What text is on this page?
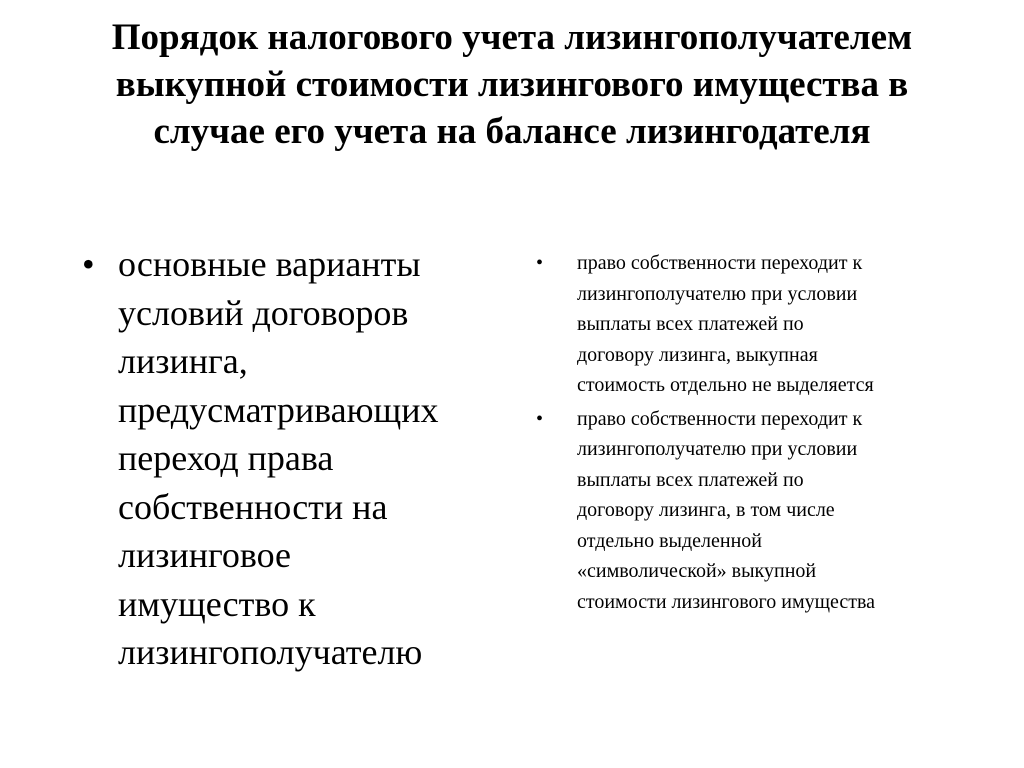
Порядок налогового учета лизингополучателем
выкупной стоимости лизингового имущества в
случае его учета на балансе лизингодателя
• основные варианты
условий договоров
лизинга,
предусматривающих
переход права
собственности на
лизинговое
имущество к
лизингополучателю
• право собственности переходит к
лизингополучателю при условии
выплаты всех платежей по
договору лизинга, выкупная
стоимость отдельно не выделяется
• право собственности переходит к
лизингополучателю при условии
выплаты всех платежей по
договору лизинга, в том числе
отдельно выделенной
«символической» выкупной
стоимости лизингового имущества
